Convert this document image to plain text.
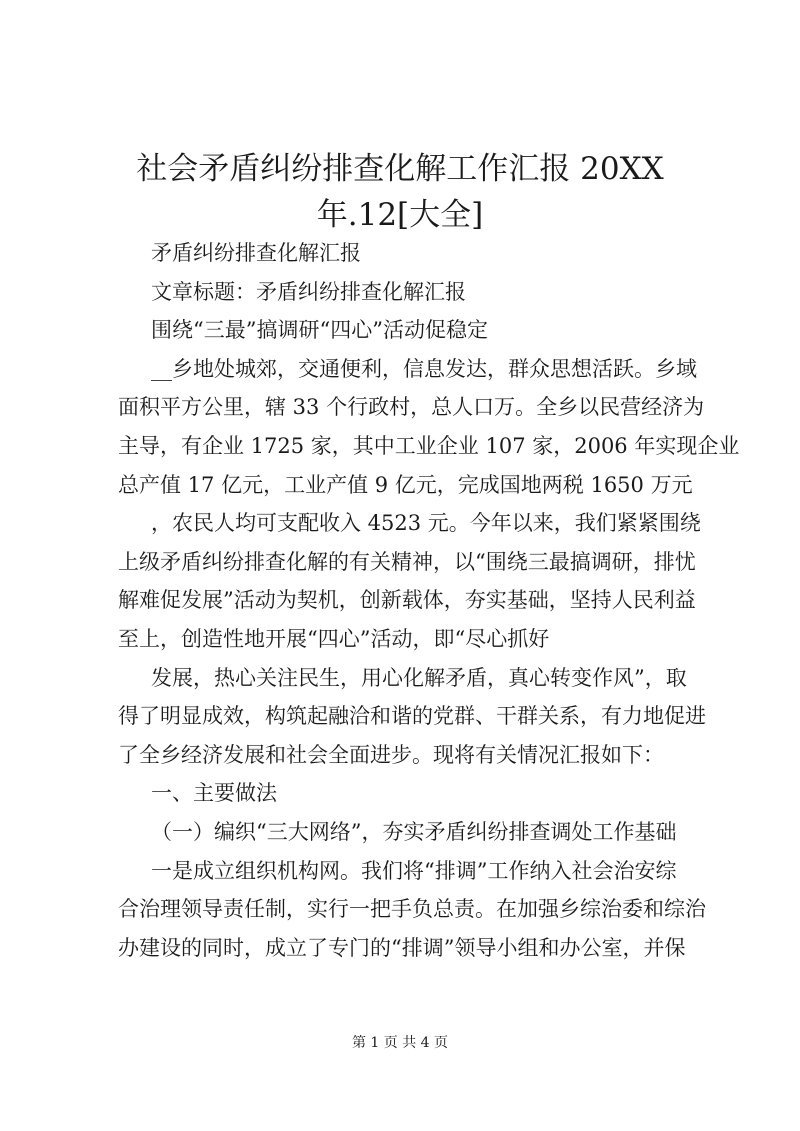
社会矛盾纠纷排查化解工作汇报 20XX
年.12[大全]

矛盾纠纷排查化解汇报

文章标题：矛盾纠纷排查化解汇报

围绕“三最”搞调研“四心”活动促稳定

__乡地处城郊，交通便利，信息发达，群众思想活跃。乡域

面积平方公里，辖 33 个行政村，总人口万。全乡以民营经济为

主导，有企业 1725 家，其中工业企业 107 家，2006 年实现企业

总产值 17 亿元，工业产值 9 亿元，完成国地两税 1650 万元

，农民人均可支配收入 4523 元。今年以来，我们紧紧围绕

上级矛盾纠纷排查化解的有关精神，以“围绕三最搞调研，排忧

解难促发展”活动为契机，创新载体，夯实基础，坚持人民利益

至上，创造性地开展“四心”活动，即“尽心抓好

发展，热心关注民生，用心化解矛盾，真心转变作风”，取

得了明显成效，构筑起融洽和谐的党群、干群关系，有力地促进

了全乡经济发展和社会全面进步。现将有关情况汇报如下：

一、主要做法

（一）编织“三大网络”，夯实矛盾纠纷排查调处工作基础

一是成立组织机构网。我们将“排调”工作纳入社会治安综

合治理领导责任制，实行一把手负总责。在加强乡综治委和综治

办建设的同时，成立了专门的“排调”领导小组和办公室，并保

第 1 页 共 4 页
